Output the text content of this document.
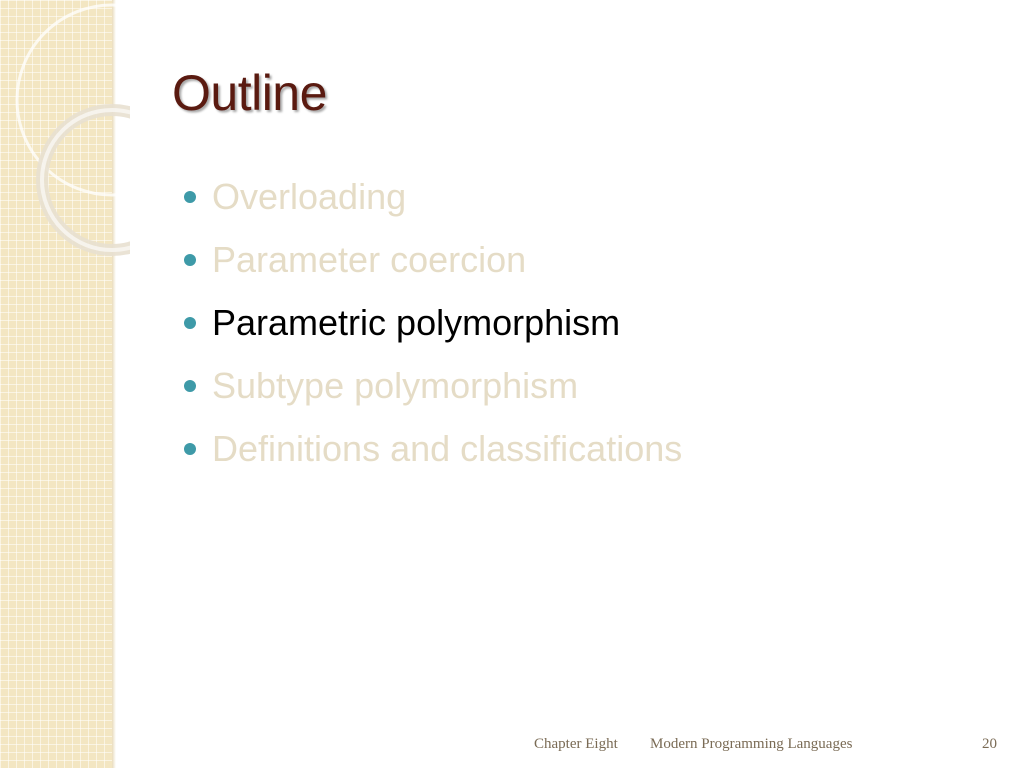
Outline
Overloading
Parameter coercion
Parametric polymorphism
Subtype polymorphism
Definitions and classifications
Chapter Eight Modern Programming Languages	20
